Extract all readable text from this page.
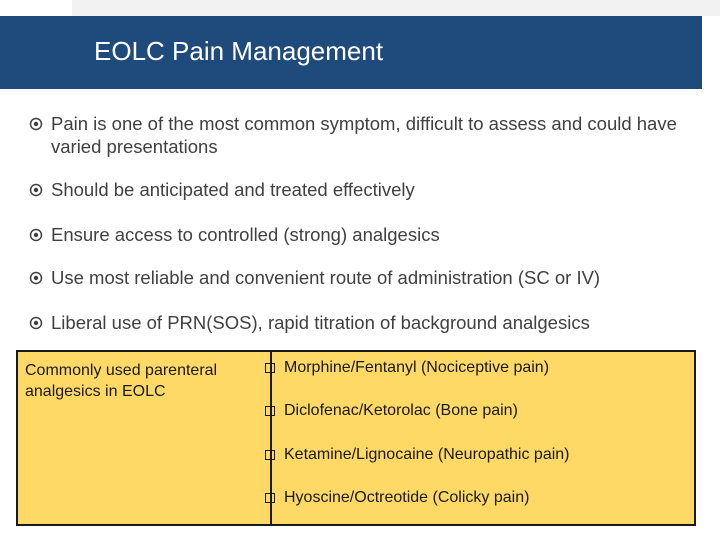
EOLC Pain Management
Pain is one of the most common symptom, difficult to assess and could have varied presentations
Should be anticipated and treated effectively
Ensure access to controlled (strong) analgesics
Use most reliable and convenient route of administration (SC or IV)
Liberal use of PRN(SOS), rapid titration of background analgesics
Commonly used parenteral analgesics in EOLC
Morphine/Fentanyl (Nociceptive pain)
Diclofenac/Ketorolac (Bone pain)
Ketamine/Lignocaine (Neuropathic pain)
Hyoscine/Octreotide (Colicky pain)
